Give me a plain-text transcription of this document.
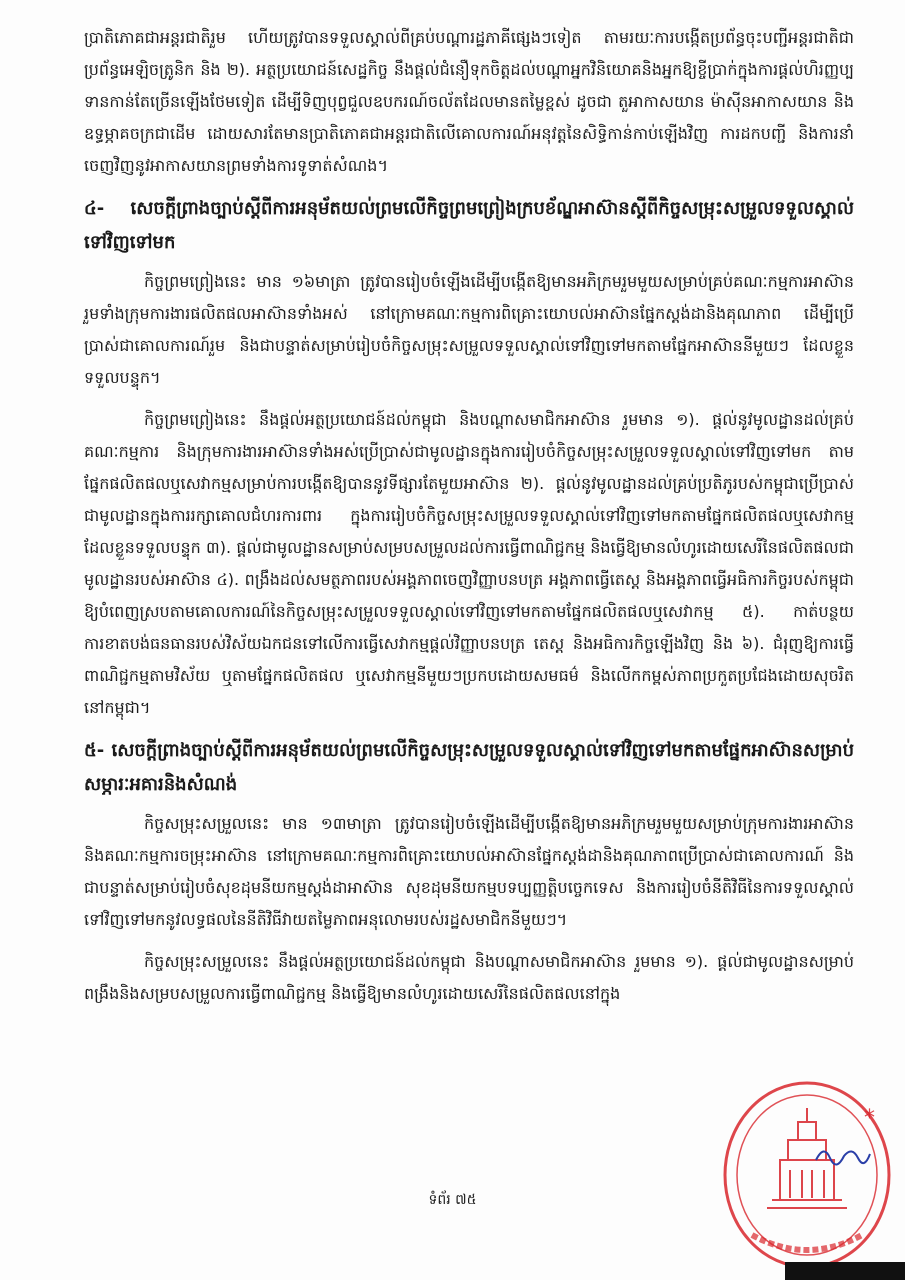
ប្រាតិភោគជាអន្តរជាតិរួម ហើយត្រូវបានទទួលស្គាល់ពីគ្រប់បណ្តារដ្ឋភាគីផ្សេងៗទៀត តាមរយៈការបង្កើតប្រព័ន្ធចុះបញ្ជីអន្តរជាតិជាប្រព័ន្ធអេឡិចត្រូនិក និង ២). អត្ថប្រយោជន៍សេដ្ឋកិច្ច នឹងផ្តល់ជំនឿទុកចិត្តដល់បណ្តាអ្នកវិនិយោគនិងអ្នកឱ្យខ្ចីប្រាក់ក្នុងការផ្តល់ហិរញ្ញប្បទានកាន់តែច្រើនឡើងថែមទៀត ដើម្បីទិញបុព្វជួលឧបករណ៍ចល័តដែលមានតម្លៃខ្ពស់ ដូចជា តួអាកាសយាន ម៉ាស៊ីនអាកាសយាន និងឧទ្ធម្ភាគចក្រជាដើម ដោយសារតែមានប្រាតិភោគជាអន្តរជាតិលើគោលការណ៍អនុវត្តនៃសិទ្ធិកាន់កាប់ឡើងវិញ ការដកបញ្ជី និងការនាំចេញវិញនូវអាកាសយានព្រមទាំងការទូទាត់សំណង។

៤- សេចក្តីព្រាងច្បាប់ស្តីពីការអនុម័តយល់ព្រមលើកិច្ចព្រមព្រៀងក្របខ័ណ្ឌអាស៊ានស្តីពីកិច្ចសម្រុះសម្រួលទទួលស្គាល់ទៅវិញទៅមក

កិច្ចព្រមព្រៀងនេះ មាន ១៦មាត្រា ត្រូវបានរៀបចំឡើងដើម្បីបង្កើតឱ្យមានអភិក្រមរួមមួយសម្រាប់គ្រប់គណៈកម្មការអាស៊ាន រួមទាំងក្រុមការងារផលិតផលអាស៊ានទាំងអស់ នៅក្រោមគណៈកម្មការពិគ្រោះយោបល់អាស៊ានផ្នែកស្តង់ដានិងគុណភាព ដើម្បីប្រើប្រាស់ជាគោលការណ៍រួម និងជាបន្ទាត់សម្រាប់រៀបចំកិច្ចសម្រុះសម្រួលទទួលស្គាល់ទៅវិញទៅមកតាមផ្នែកអាស៊ាននីមួយៗ ដែលខ្លួនទទួលបន្ទុក។

កិច្ចព្រមព្រៀងនេះ នឹងផ្តល់អត្ថប្រយោជន៍ដល់កម្ពុជា និងបណ្តាសមាជិកអាស៊ាន រួមមាន ១). ផ្តល់នូវមូលដ្ឋានដល់គ្រប់គណៈកម្មការ និងក្រុមការងារអាស៊ានទាំងអស់ប្រើប្រាស់ជាមូលដ្ឋានក្នុងការរៀបចំកិច្ចសម្រុះសម្រួលទទួលស្គាល់ទៅវិញទៅមក តាមផ្នែកផលិតផលឬសេវាកម្មសម្រាប់ការបង្កើតឱ្យបាននូវទីផ្សារតែមួយអាស៊ាន ២). ផ្តល់នូវមូលដ្ឋានដល់គ្រប់ប្រតិភូរបស់កម្ពុជាប្រើប្រាស់ជាមូលដ្ឋានក្នុងការរក្សាគោលជំហរការពារ ក្នុងការរៀបចំកិច្ចសម្រុះសម្រួលទទួលស្គាល់ទៅវិញទៅមកតាមផ្នែកផលិតផលឬសេវាកម្ម ដែលខ្លួនទទួលបន្ទុក ៣). ផ្តល់ជាមូលដ្ឋានសម្រាប់សម្របសម្រួលដល់ការធ្វើពាណិជ្ជកម្ម និងធ្វើឱ្យមានលំហូរដោយសេរីនៃផលិតផលជាមូលដ្ឋានរបស់អាស៊ាន ៤). ពង្រឹងដល់សមត្ថភាពរបស់អង្គភាពចេញវិញ្ញាបនបត្រ អង្គភាពធ្វើតេស្ត និងអង្គភាពធ្វើអធិការកិច្ចរបស់កម្ពុជា ឱ្យបំពេញស្របតាមគោលការណ៍នៃកិច្ចសម្រុះសម្រួលទទួលស្គាល់ទៅវិញទៅមកតាមផ្នែកផលិតផលឬសេវាកម្ម ៥). កាត់បន្ថយការខាតបង់ធនធានរបស់វិស័យឯកជនទៅលើការធ្វើសេវាកម្មផ្តល់វិញ្ញាបនបត្រ តេស្ត និងអធិការកិច្ចឡើងវិញ និង ៦). ជំរុញឱ្យការធ្វើពាណិជ្ជកម្មតាមវិស័យ ឬតាមផ្នែកផលិតផល ឬសេវាកម្មនីមួយៗប្រកបដោយសមធម៌ និងលើកកម្ពស់ភាពប្រកួតប្រជែងដោយសុចរិតនៅកម្ពុជា។

៥- សេចក្តីព្រាងច្បាប់ស្តីពីការអនុម័តយល់ព្រមលើកិច្ចសម្រុះសម្រួលទទួលស្គាល់ទៅវិញទៅមកតាមផ្នែកអាស៊ានសម្រាប់សម្ភារៈអគារនិងសំណង់

កិច្ចសម្រុះសម្រួលនេះ មាន ១៣មាត្រា ត្រូវបានរៀបចំឡើងដើម្បីបង្កើតឱ្យមានអភិក្រមរួមមួយសម្រាប់ក្រុមការងារអាស៊ាន និងគណៈកម្មការចម្រុះអាស៊ាន នៅក្រោមគណៈកម្មការពិគ្រោះយោបល់អាស៊ានផ្នែកស្តង់ដានិងគុណភាពប្រើប្រាស់ជាគោលការណ៍ និងជាបន្ទាត់សម្រាប់រៀបចំសុខដុមនីយកម្មស្តង់ដាអាស៊ាន សុខដុមនីយកម្មបទប្បញ្ញត្តិបច្ចេកទេស និងការរៀបចំនីតិវិធីនៃការទទួលស្គាល់ទៅវិញទៅមកនូវលទ្ធផលនៃនីតិវិធីវាយតម្លៃភាពអនុលោមរបស់រដ្ឋសមាជិកនីមួយៗ។

កិច្ចសម្រុះសម្រួលនេះ នឹងផ្តល់អត្ថប្រយោជន៍ដល់កម្ពុជា និងបណ្តាសមាជិកអាស៊ាន រួមមាន ១). ផ្តល់ជាមូលដ្ឋានសម្រាប់ពង្រឹងនិងសម្របសម្រួលការធ្វើពាណិជ្ជកម្ម និងធ្វើឱ្យមានលំហូរដោយសេរីនៃផលិតផលនៅក្នុង

ទំព័រ ៧៥
*
